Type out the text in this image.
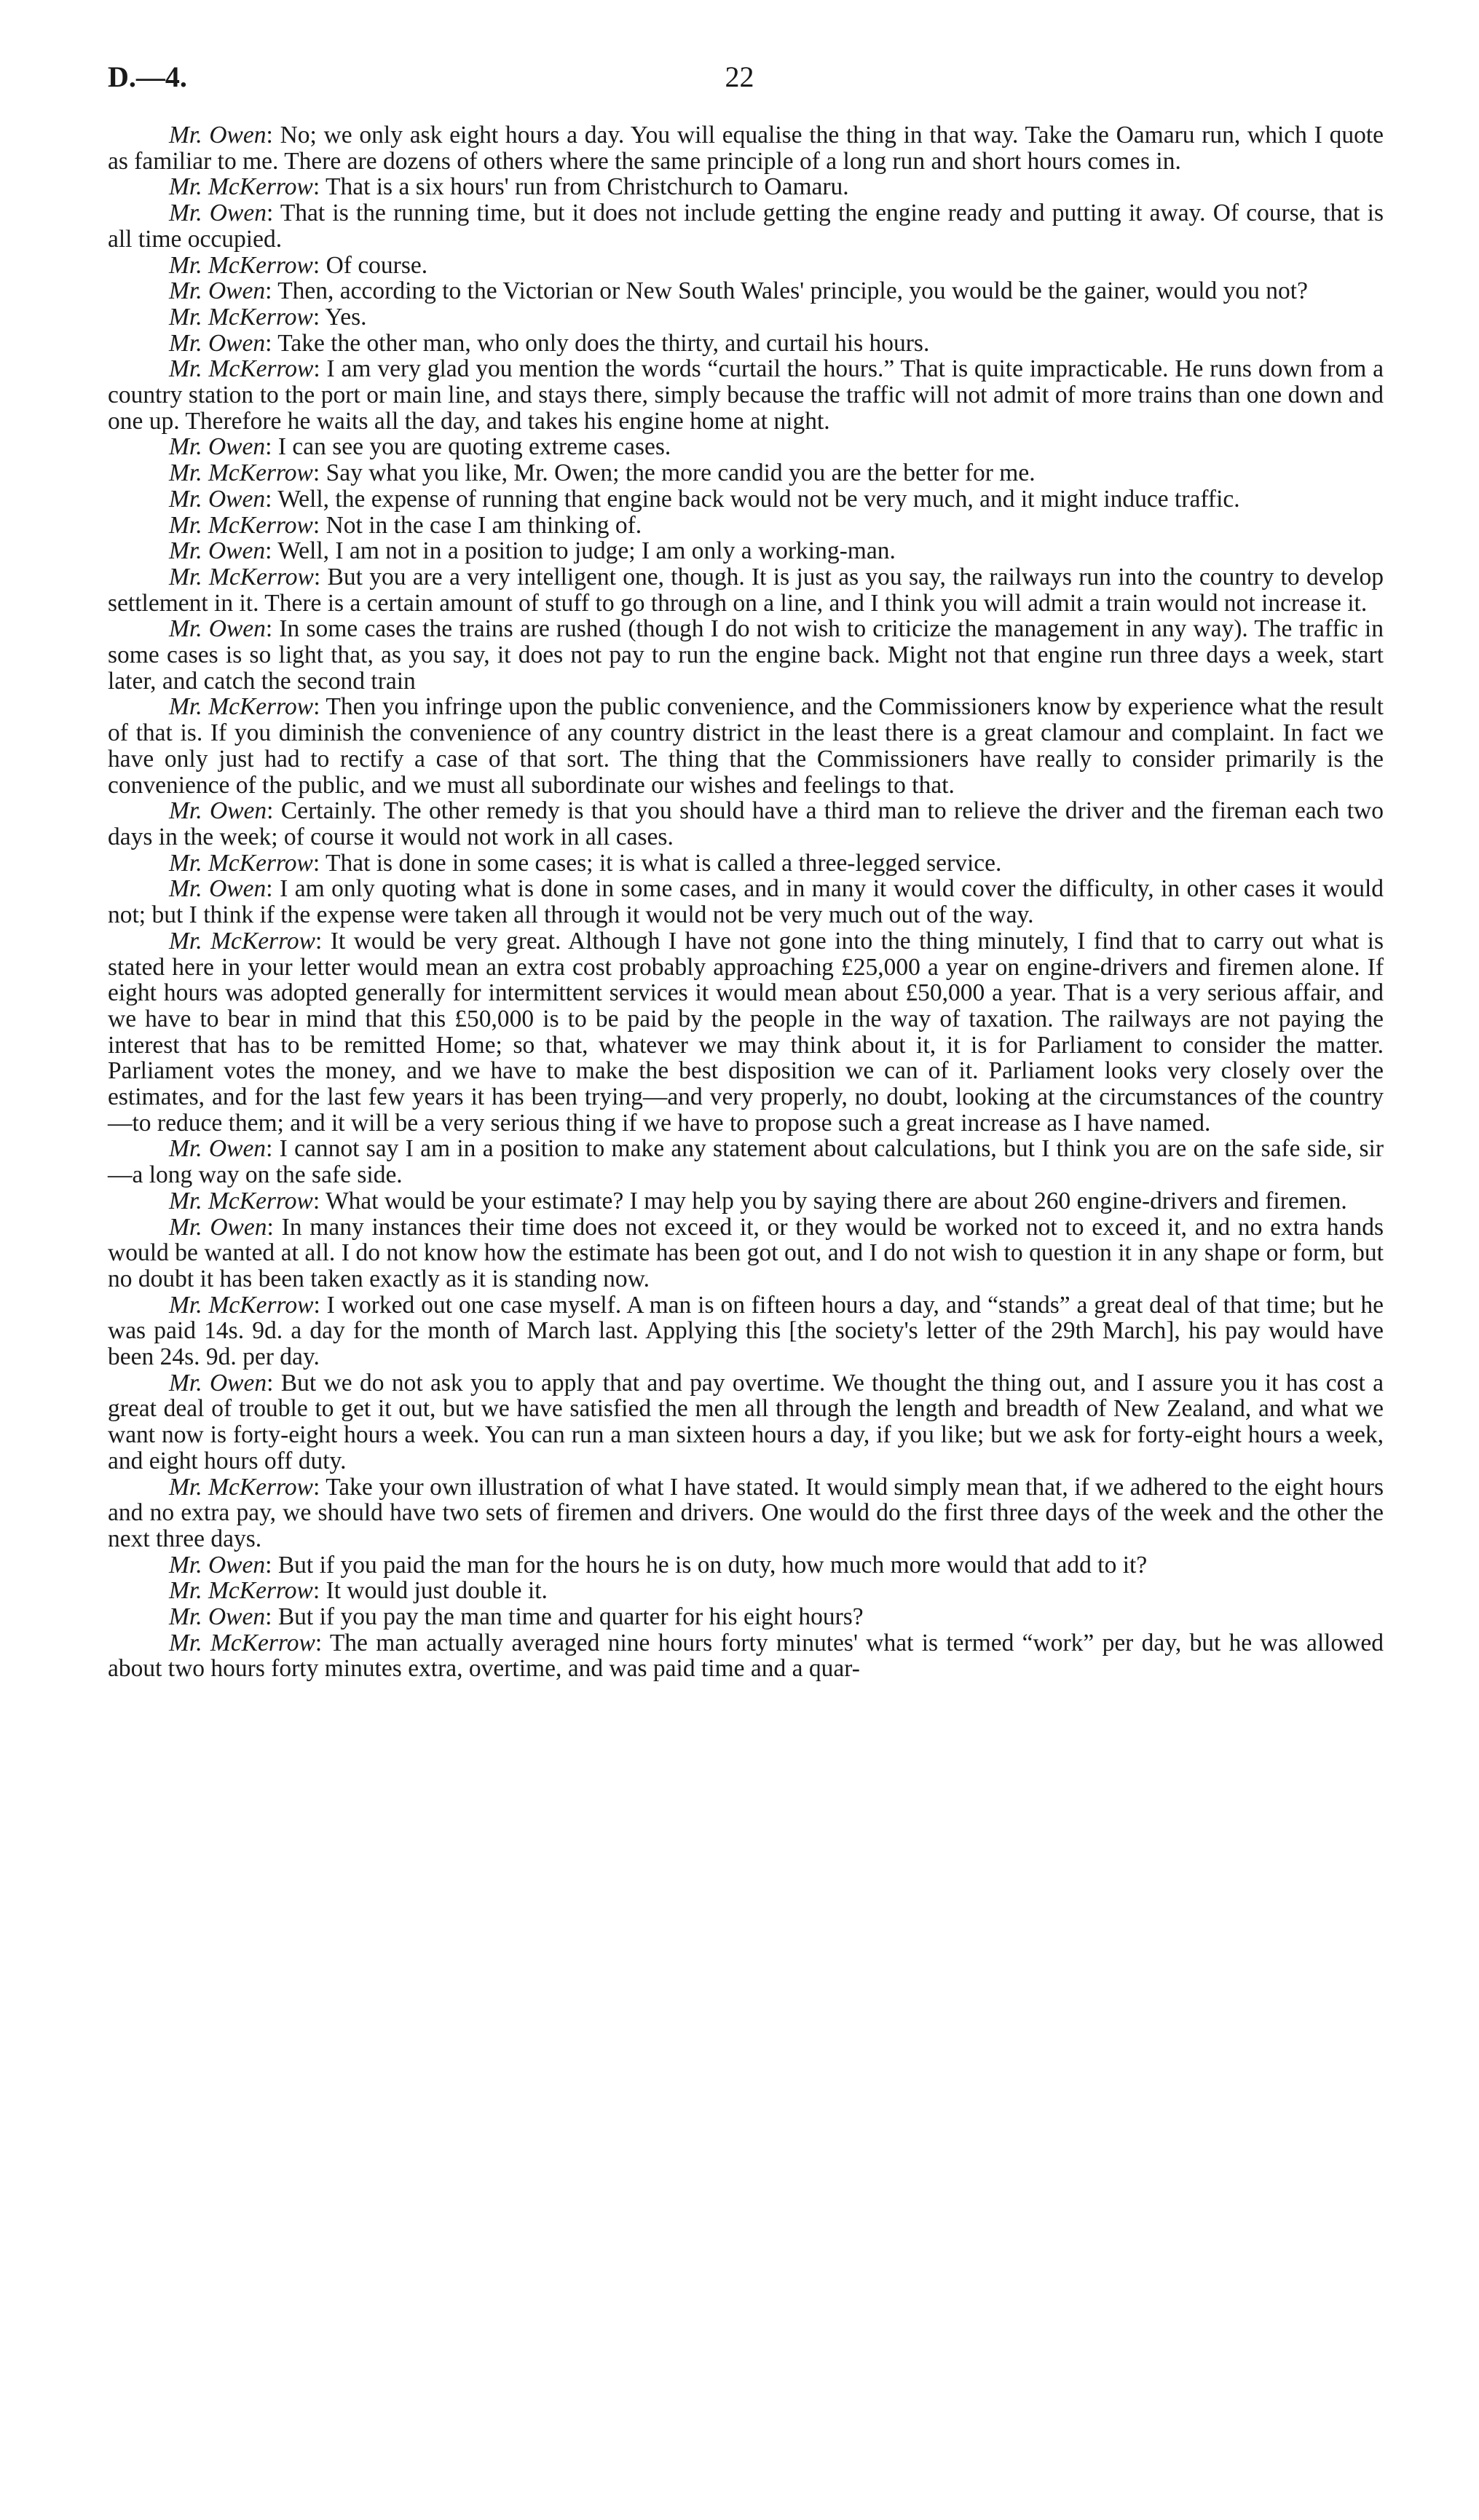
D.—4.	22

Mr. Owen: No; we only ask eight hours a day. You will equalise the thing in that way. Take the Oamaru run, which I quote as familiar to me. There are dozens of others where the same principle of a long run and short hours comes in.

Mr. McKerrow: That is a six hours' run from Christchurch to Oamaru.

Mr. Owen: That is the running time, but it does not include getting the engine ready and putting it away. Of course, that is all time occupied.

Mr. McKerrow: Of course.

Mr. Owen: Then, according to the Victorian or New South Wales' principle, you would be the gainer, would you not?

Mr. McKerrow: Yes.

Mr. Owen: Take the other man, who only does the thirty, and curtail his hours.

Mr. McKerrow: I am very glad you mention the words “curtail the hours.” That is quite impracticable. He runs down from a country station to the port or main line, and stays there, simply because the traffic will not admit of more trains than one down and one up. Therefore he waits all the day, and takes his engine home at night.

Mr. Owen: I can see you are quoting extreme cases.

Mr. McKerrow: Say what you like, Mr. Owen; the more candid you are the better for me.

Mr. Owen: Well, the expense of running that engine back would not be very much, and it might induce traffic.

Mr. McKerrow: Not in the case I am thinking of.

Mr. Owen: Well, I am not in a position to judge; I am only a working-man.

Mr. McKerrow: But you are a very intelligent one, though. It is just as you say, the railways run into the country to develop settlement in it. There is a certain amount of stuff to go through on a line, and I think you will admit a train would not increase it.

Mr. Owen: In some cases the trains are rushed (though I do not wish to criticize the management in any way). The traffic in some cases is so light that, as you say, it does not pay to run the engine back. Might not that engine run three days a week, start later, and catch the second train

Mr. McKerrow: Then you infringe upon the public convenience, and the Commissioners know by experience what the result of that is. If you diminish the convenience of any country district in the least there is a great clamour and complaint. In fact we have only just had to rectify a case of that sort. The thing that the Commissioners have really to consider primarily is the convenience of the public, and we must all subordinate our wishes and feelings to that.

Mr. Owen: Certainly. The other remedy is that you should have a third man to relieve the driver and the fireman each two days in the week; of course it would not work in all cases.

Mr. McKerrow: That is done in some cases; it is what is called a three-legged service.

Mr. Owen: I am only quoting what is done in some cases, and in many it would cover the difficulty, in other cases it would not; but I think if the expense were taken all through it would not be very much out of the way.

Mr. McKerrow: It would be very great. Although I have not gone into the thing minutely, I find that to carry out what is stated here in your letter would mean an extra cost probably approaching £25,000 a year on engine-drivers and firemen alone. If eight hours was adopted generally for intermittent services it would mean about £50,000 a year. That is a very serious affair, and we have to bear in mind that this £50,000 is to be paid by the people in the way of taxation. The railways are not paying the interest that has to be remitted Home; so that, whatever we may think about it, it is for Parliament to consider the matter. Parliament votes the money, and we have to make the best disposition we can of it. Parliament looks very closely over the estimates, and for the last few years it has been trying—and very properly, no doubt, looking at the circumstances of the country—to reduce them; and it will be a very serious thing if we have to propose such a great increase as I have named.

Mr. Owen: I cannot say I am in a position to make any statement about calculations, but I think you are on the safe side, sir—a long way on the safe side.

Mr. McKerrow: What would be your estimate? I may help you by saying there are about 260 engine-drivers and firemen.

Mr. Owen: In many instances their time does not exceed it, or they would be worked not to exceed it, and no extra hands would be wanted at all. I do not know how the estimate has been got out, and I do not wish to question it in any shape or form, but no doubt it has been taken exactly as it is standing now.

Mr. McKerrow: I worked out one case myself. A man is on fifteen hours a day, and “stands” a great deal of that time; but he was paid 14s. 9d. a day for the month of March last. Applying this [the society's letter of the 29th March], his pay would have been 24s. 9d. per day.

Mr. Owen: But we do not ask you to apply that and pay overtime. We thought the thing out, and I assure you it has cost a great deal of trouble to get it out, but we have satisfied the men all through the length and breadth of New Zealand, and what we want now is forty-eight hours a week. You can run a man sixteen hours a day, if you like; but we ask for forty-eight hours a week, and eight hours off duty.

Mr. McKerrow: Take your own illustration of what I have stated. It would simply mean that, if we adhered to the eight hours and no extra pay, we should have two sets of firemen and drivers. One would do the first three days of the week and the other the next three days.

Mr. Owen: But if you paid the man for the hours he is on duty, how much more would that add to it?

Mr. McKerrow: It would just double it.

Mr. Owen: But if you pay the man time and quarter for his eight hours?

Mr. McKerrow: The man actually averaged nine hours forty minutes' what is termed “work” per day, but he was allowed about two hours forty minutes extra, overtime, and was paid time and a quar-
